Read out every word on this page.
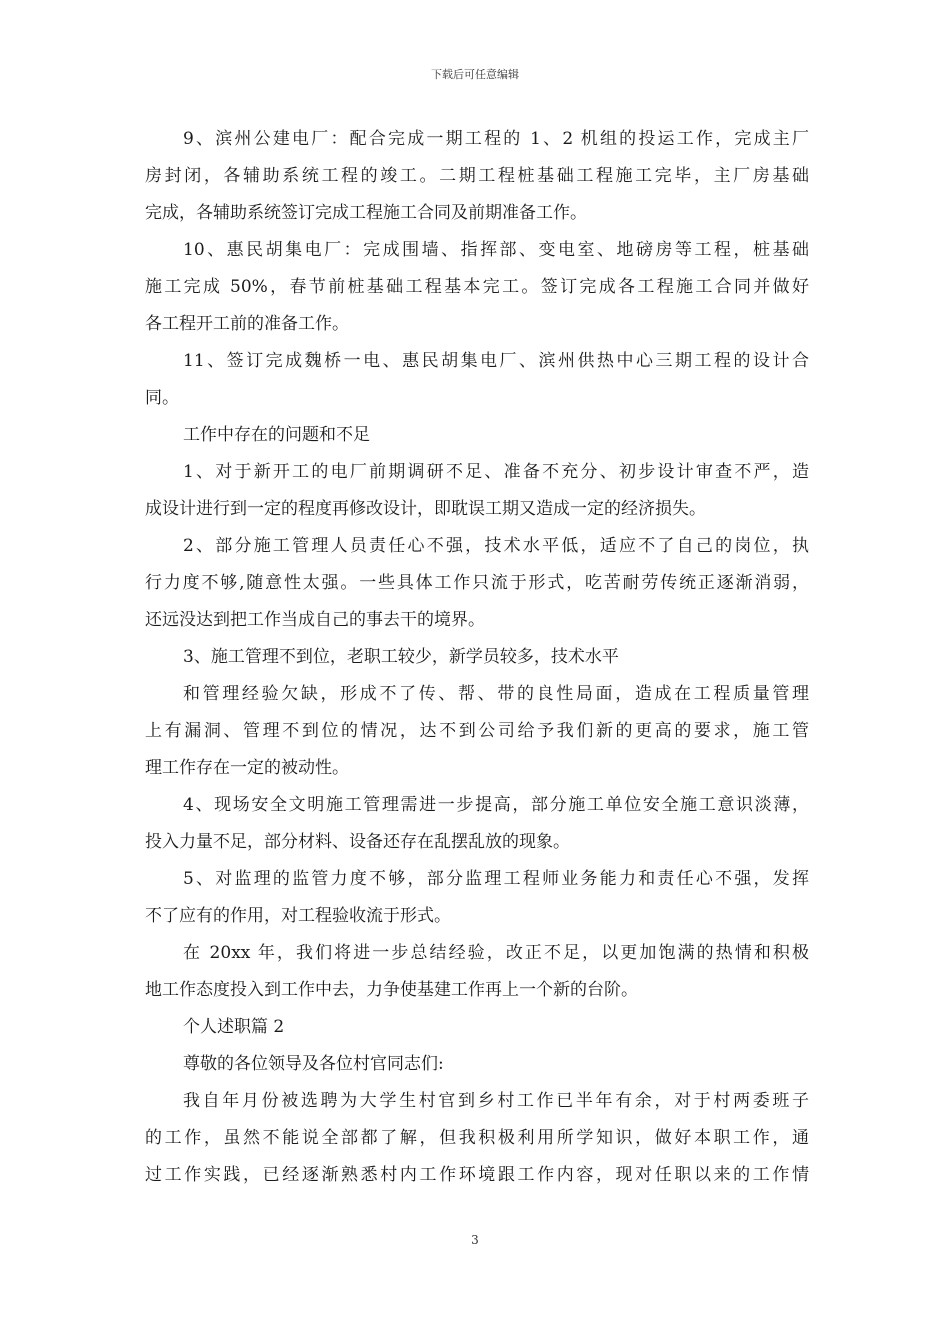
下载后可任意编辑
9、滨州公建电厂：配合完成一期工程的 1、2 机组的投运工作，完成主厂
房封闭，各辅助系统工程的竣工。二期工程桩基础工程施工完毕，主厂房基础
完成，各辅助系统签订完成工程施工合同及前期准备工作。
10、惠民胡集电厂：完成围墙、指挥部、变电室、地磅房等工程，桩基础
施工完成 50%，春节前桩基础工程基本完工。签订完成各工程施工合同并做好
各工程开工前的准备工作。
11、签订完成魏桥一电、惠民胡集电厂、滨州供热中心三期工程的设计合
同。
工作中存在的问题和不足
1、对于新开工的电厂前期调研不足、准备不充分、初步设计审查不严，造
成设计进行到一定的程度再修改设计，即耽误工期又造成一定的经济损失。
2、部分施工管理人员责任心不强，技术水平低，适应不了自己的岗位，执
行力度不够,随意性太强。一些具体工作只流于形式，吃苦耐劳传统正逐渐消弱，
还远没达到把工作当成自己的事去干的境界。
3、施工管理不到位，老职工较少，新学员较多，技术水平
和管理经验欠缺，形成不了传、帮、带的良性局面，造成在工程质量管理
上有漏洞、管理不到位的情况，达不到公司给予我们新的更高的要求，施工管
理工作存在一定的被动性。
4、现场安全文明施工管理需进一步提高，部分施工单位安全施工意识淡薄，
投入力量不足，部分材料、设备还存在乱摆乱放的现象。
5、对监理的监管力度不够，部分监理工程师业务能力和责任心不强，发挥
不了应有的作用，对工程验收流于形式。
在 20xx 年，我们将进一步总结经验，改正不足，以更加饱满的热情和积极
地工作态度投入到工作中去，力争使基建工作再上一个新的台阶。
个人述职篇 2
尊敬的各位领导及各位村官同志们:
我自年月份被选聘为大学生村官到乡村工作已半年有余，对于村两委班子
的工作，虽然不能说全部都了解，但我积极利用所学知识，做好本职工作，通
过工作实践，已经逐渐熟悉村内工作环境跟工作内容，现对任职以来的工作情
3
